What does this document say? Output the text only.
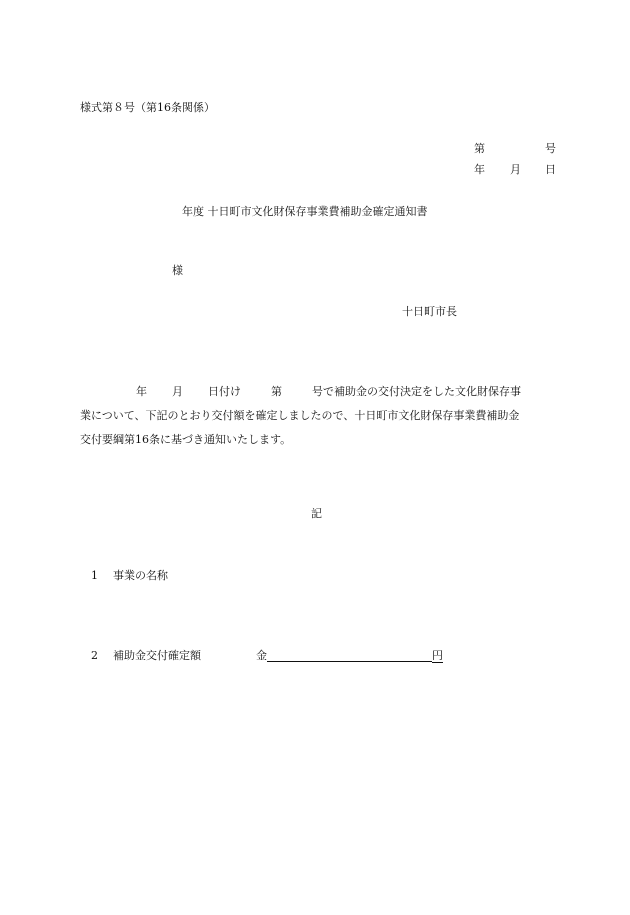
様式第８号（第16条関係）
第	号
年 月 日
年度 十日町市文化財保存事業費補助金確定通知書
様
十日町市長
年 月 日付け	第	号で補助金の交付決定をした文化財保存事
業について、下記のとおり交付額を確定しましたので、十日町市文化財保存事業費補助金
交付要綱第16条に基づき通知いたします。
記
1 事業の名称
2 補助金交付確定額	金	円
